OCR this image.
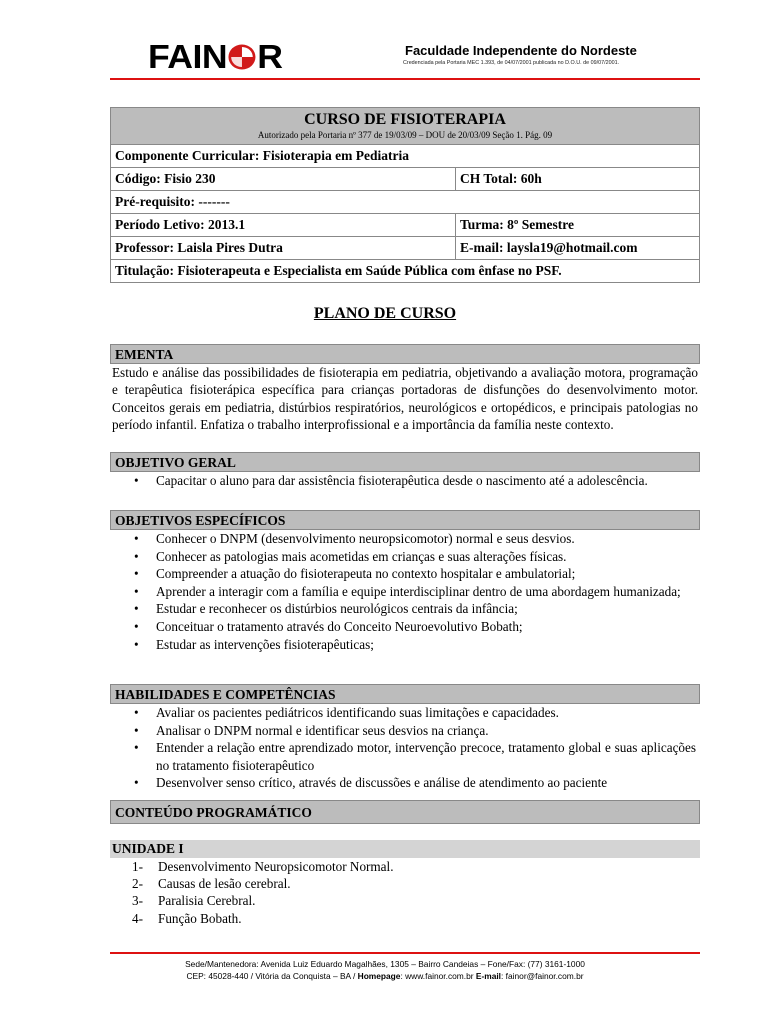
FAIN R	Faculdade Independente do Nordeste
Credenciada pela Portaria MEC 1.393, de 04/07/2001 publicada no D.O.U. de 09/07/2001.
CURSO DE FISIOTERAPIA
Autorizado pela Portaria nº 377 de 19/03/09 – DOU de 20/03/09 Seção 1. Pág. 09	

Componente Curricular: Fisioterapia em Pediatria	
Código: Fisio 230	CH Total: 60h
Pré-requisito: -------	
Período Letivo: 2013.1	Turma: 8º Semestre
Professor: Laisla Pires Dutra	E-mail: laysla19@hotmail.com
Titulação: Fisioterapeuta e Especialista em Saúde Pública com ênfase no PSF.	
PLANO DE CURSO
EMENTA
Estudo e análise das possibilidades de fisioterapia em pediatria, objetivando a avaliação motora, programação e terapêutica fisioterápica específica para crianças portadoras de disfunções do desenvolvimento motor. Conceitos gerais em pediatria, distúrbios respiratórios, neurológicos e ortopédicos, e principais patologias no período infantil. Enfatiza o trabalho interprofissional e a importância da família neste contexto.
OBJETIVO GERAL
• Capacitar o aluno para dar assistência fisioterapêutica desde o nascimento até a adolescência.
OBJETIVOS ESPECÍFICOS
• Conhecer o DNPM (desenvolvimento neuropsicomotor) normal e seus desvios.
• Conhecer as patologias mais acometidas em crianças e suas alterações físicas.
• Compreender a atuação do fisioterapeuta no contexto hospitalar e ambulatorial;
• Aprender a interagir com a família e equipe interdisciplinar dentro de uma abordagem humanizada;
• Estudar e reconhecer os distúrbios neurológicos centrais da infância;
• Conceituar o tratamento através do Conceito Neuroevolutivo Bobath;
• Estudar as intervenções fisioterapêuticas;
HABILIDADES E COMPETÊNCIAS
• Avaliar os pacientes pediátricos identificando suas limitações e capacidades.
• Analisar o DNPM normal e identificar seus desvios na criança.
• Entender a relação entre aprendizado motor, intervenção precoce, tratamento global e suas aplicações no tratamento fisioterapêutico
• Desenvolver senso crítico, através de discussões e análise de atendimento ao paciente
CONTEÚDO PROGRAMÁTICO
UNIDADE I
1-	Desenvolvimento Neuropsicomotor Normal.
2-	Causas de lesão cerebral.
3-	Paralisia Cerebral.
4-	Função Bobath.
Sede/Mantenedora: Avenida Luiz Eduardo Magalhães, 1305 – Bairro Candeias – Fone/Fax: (77) 3161-1000
CEP: 45028-440 / Vitória da Conquista – BA / Homepage: www.fainor.com.br E-mail: fainor@fainor.com.br
